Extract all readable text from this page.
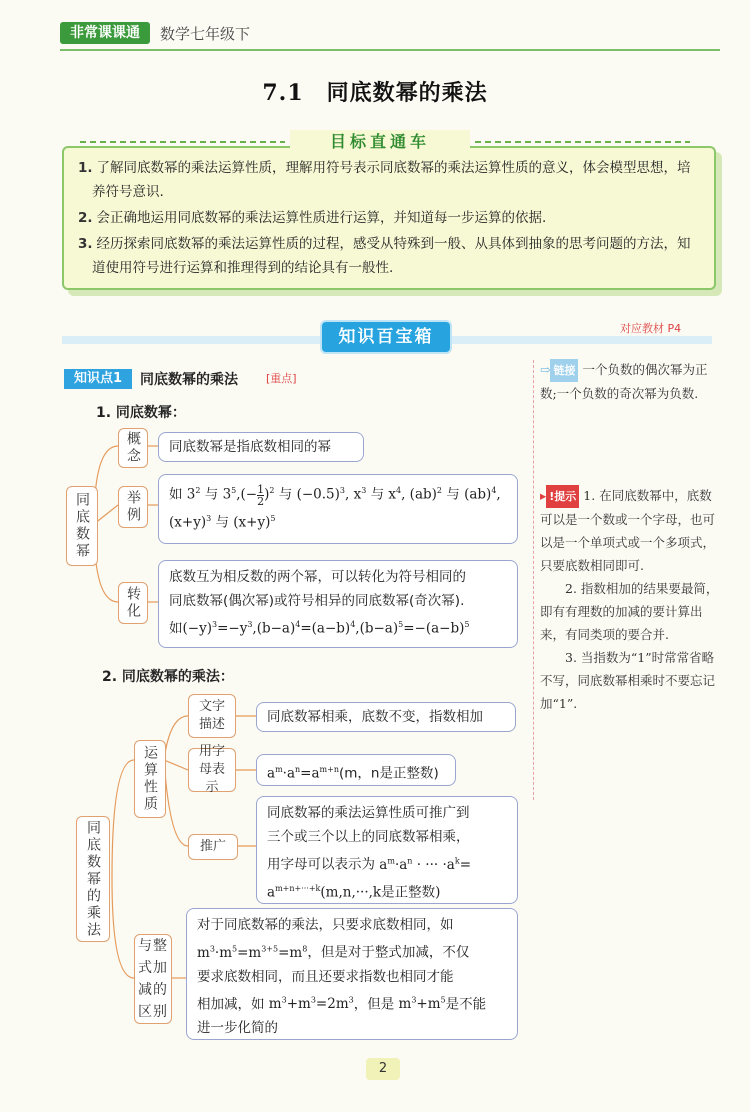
非常课课通	数学七年级下
7.1　同底数幂的乘法
目标直通车
1. 了解同底数幂的乘法运算性质，理解用符号表示同底数幂的乘法运算性质的意义，体会模型思想，培
养符号意识.
2. 会正确地运用同底数幂的乘法运算性质进行运算，并知道每一步运算的依据.
3. 经历探索同底数幂的乘法运算性质的过程，感受从特殊到一般、从具体到抽象的思考问题的方法，知
道使用符号进行运算和推理得到的结论具有一般性.
对应教材 P4
知识百宝箱
知识点1	同底数幂的乘法	[重点]
1. 同底数幂：
同底数幂
概念
举例
转化
同底数幂是指底数相同的幂
如 $3^2$ 与 $3^5,(-1$

2 )$^2$ 与 $(-0.5)^3$, $x^3$ 与 $x^4$, (ab)$^2$ 与 (ab)$^4$,
$(x+y)^3$ 与 $(x+y)^5$
底数互为相反数的两个幂，可以转化为符号相同的
同底数幂(偶次幂)或符号相异的同底数幂(奇次幂).
如$(-y)^3=-y^3,(b-a)^4=(a-b)^4,(b-a)^5=-(a-b)^5$
2. 同底数幂的乘法：
同底数幂的乘法
运算性质
文字描述
用字母表示
推广
与整式加减的区别
同底数幂相乘，底数不变，指数相加
$a^m\cdot a^n=a^{m+n}(m$，n是正整数)
同底数幂的乘法运算性质可推广到
三个或三个以上的同底数幂相乘，
用字母可以表示为 $a^m\cdot a^n$ · ··· $\cdot a^k=$
$a^{m+n+\cdot\cdot\cdot+k}(m,n,\cdot\cdot\cdot,k$是正整数)
对于同底数幂的乘法，只要求底数相同，如
$m^3\cdot m^5=m^{3+5}=m^8$，但是对于整式加减，不仅
要求底数相同，而且还要求指数也相同才能
相加减，如 $m^3+m^3=2m^3$，但是 $m^3+m^5$是不能
进一步化简的
⇨ 链接 一个负数的偶次幂为正数;一个负数的奇次幂为负数.
▸ !提示 1. 在同底数幂中，底数可以是一个数或一个字母，也可以是一个单项式或一个多项式，只要底数相同即可.
2. 指数相加的结果要最简，即有有理数的加减的要计算出来，有同类项的要合并.
3. 当指数为“1”时常常省略不写，同底数幂相乘时不要忘记加“1”.
2
